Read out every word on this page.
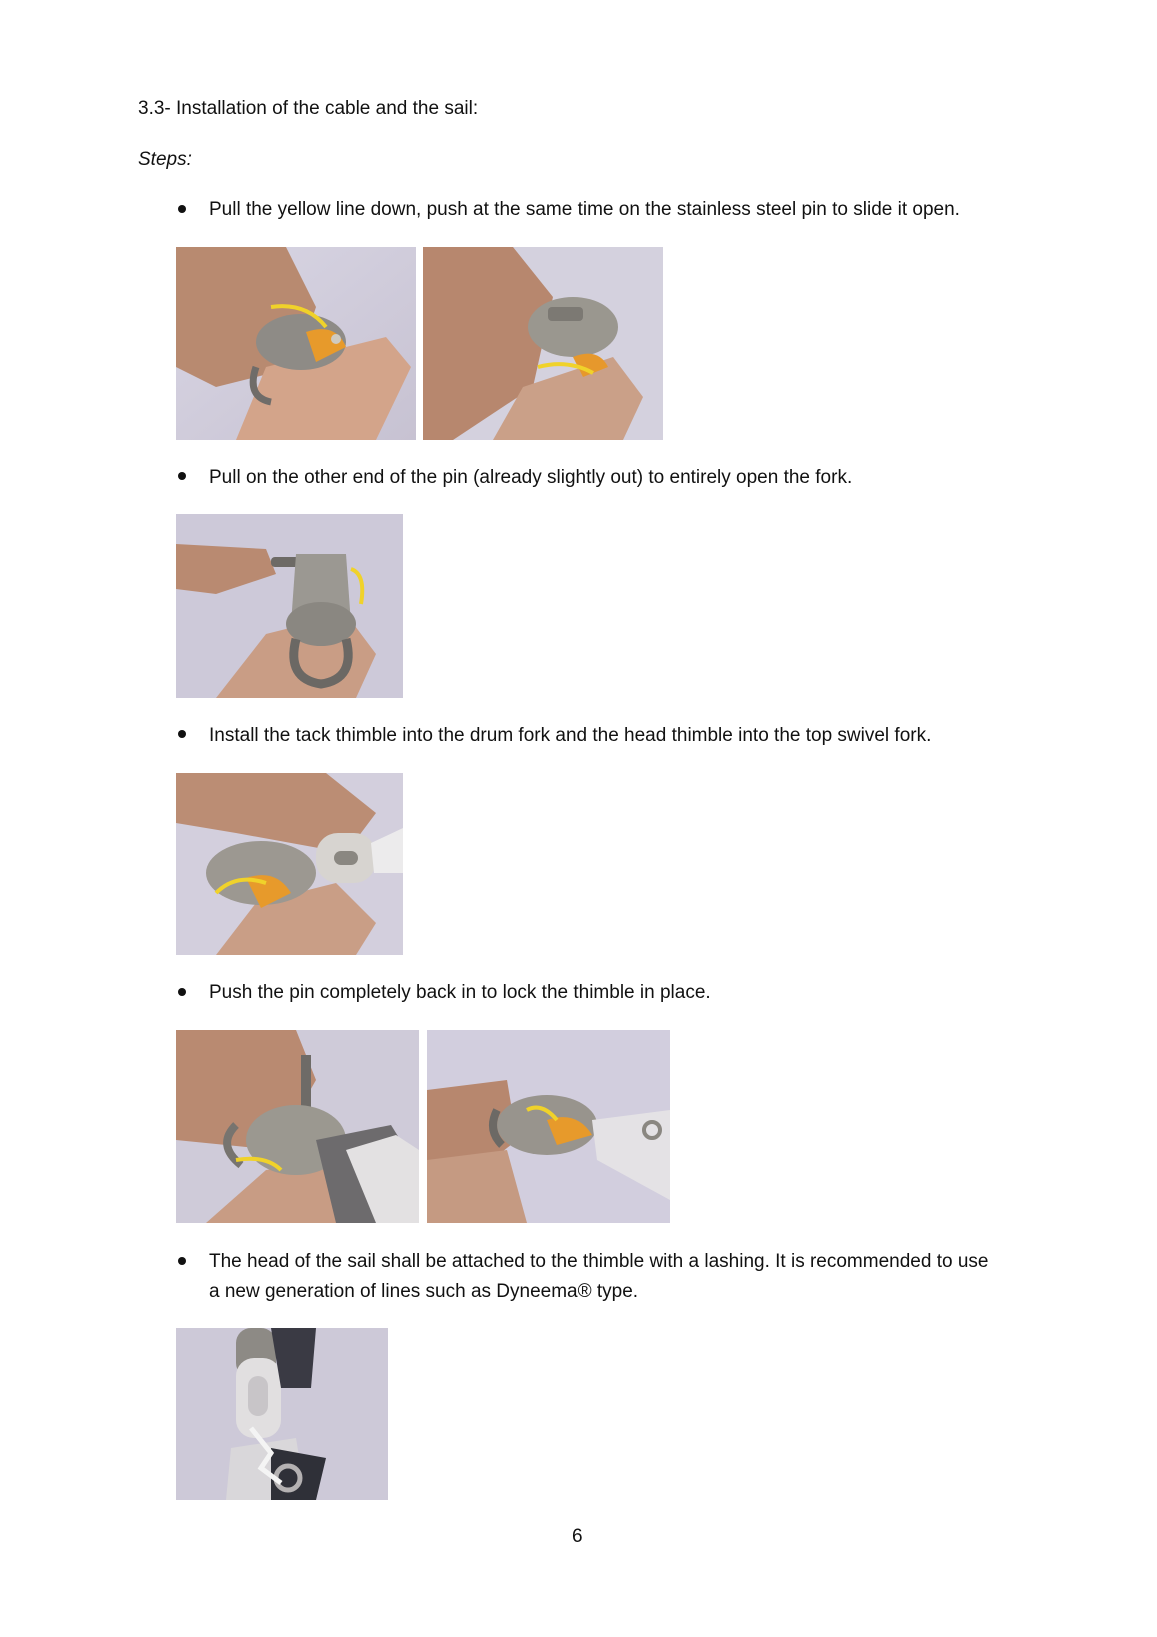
3.3- Installation of the cable and the sail:
Steps:
Pull the yellow line down, push at the same time on the stainless steel pin to slide it open.
Pull on the other end of the pin (already slightly out) to entirely open the fork.
Install the tack thimble into the drum fork and the head thimble into the top swivel fork.
Push the pin completely back in to lock the thimble in place.
The head of the sail shall be attached to the thimble with a lashing. It is recommended to use
a new generation of lines such as Dyneema® type.
6
